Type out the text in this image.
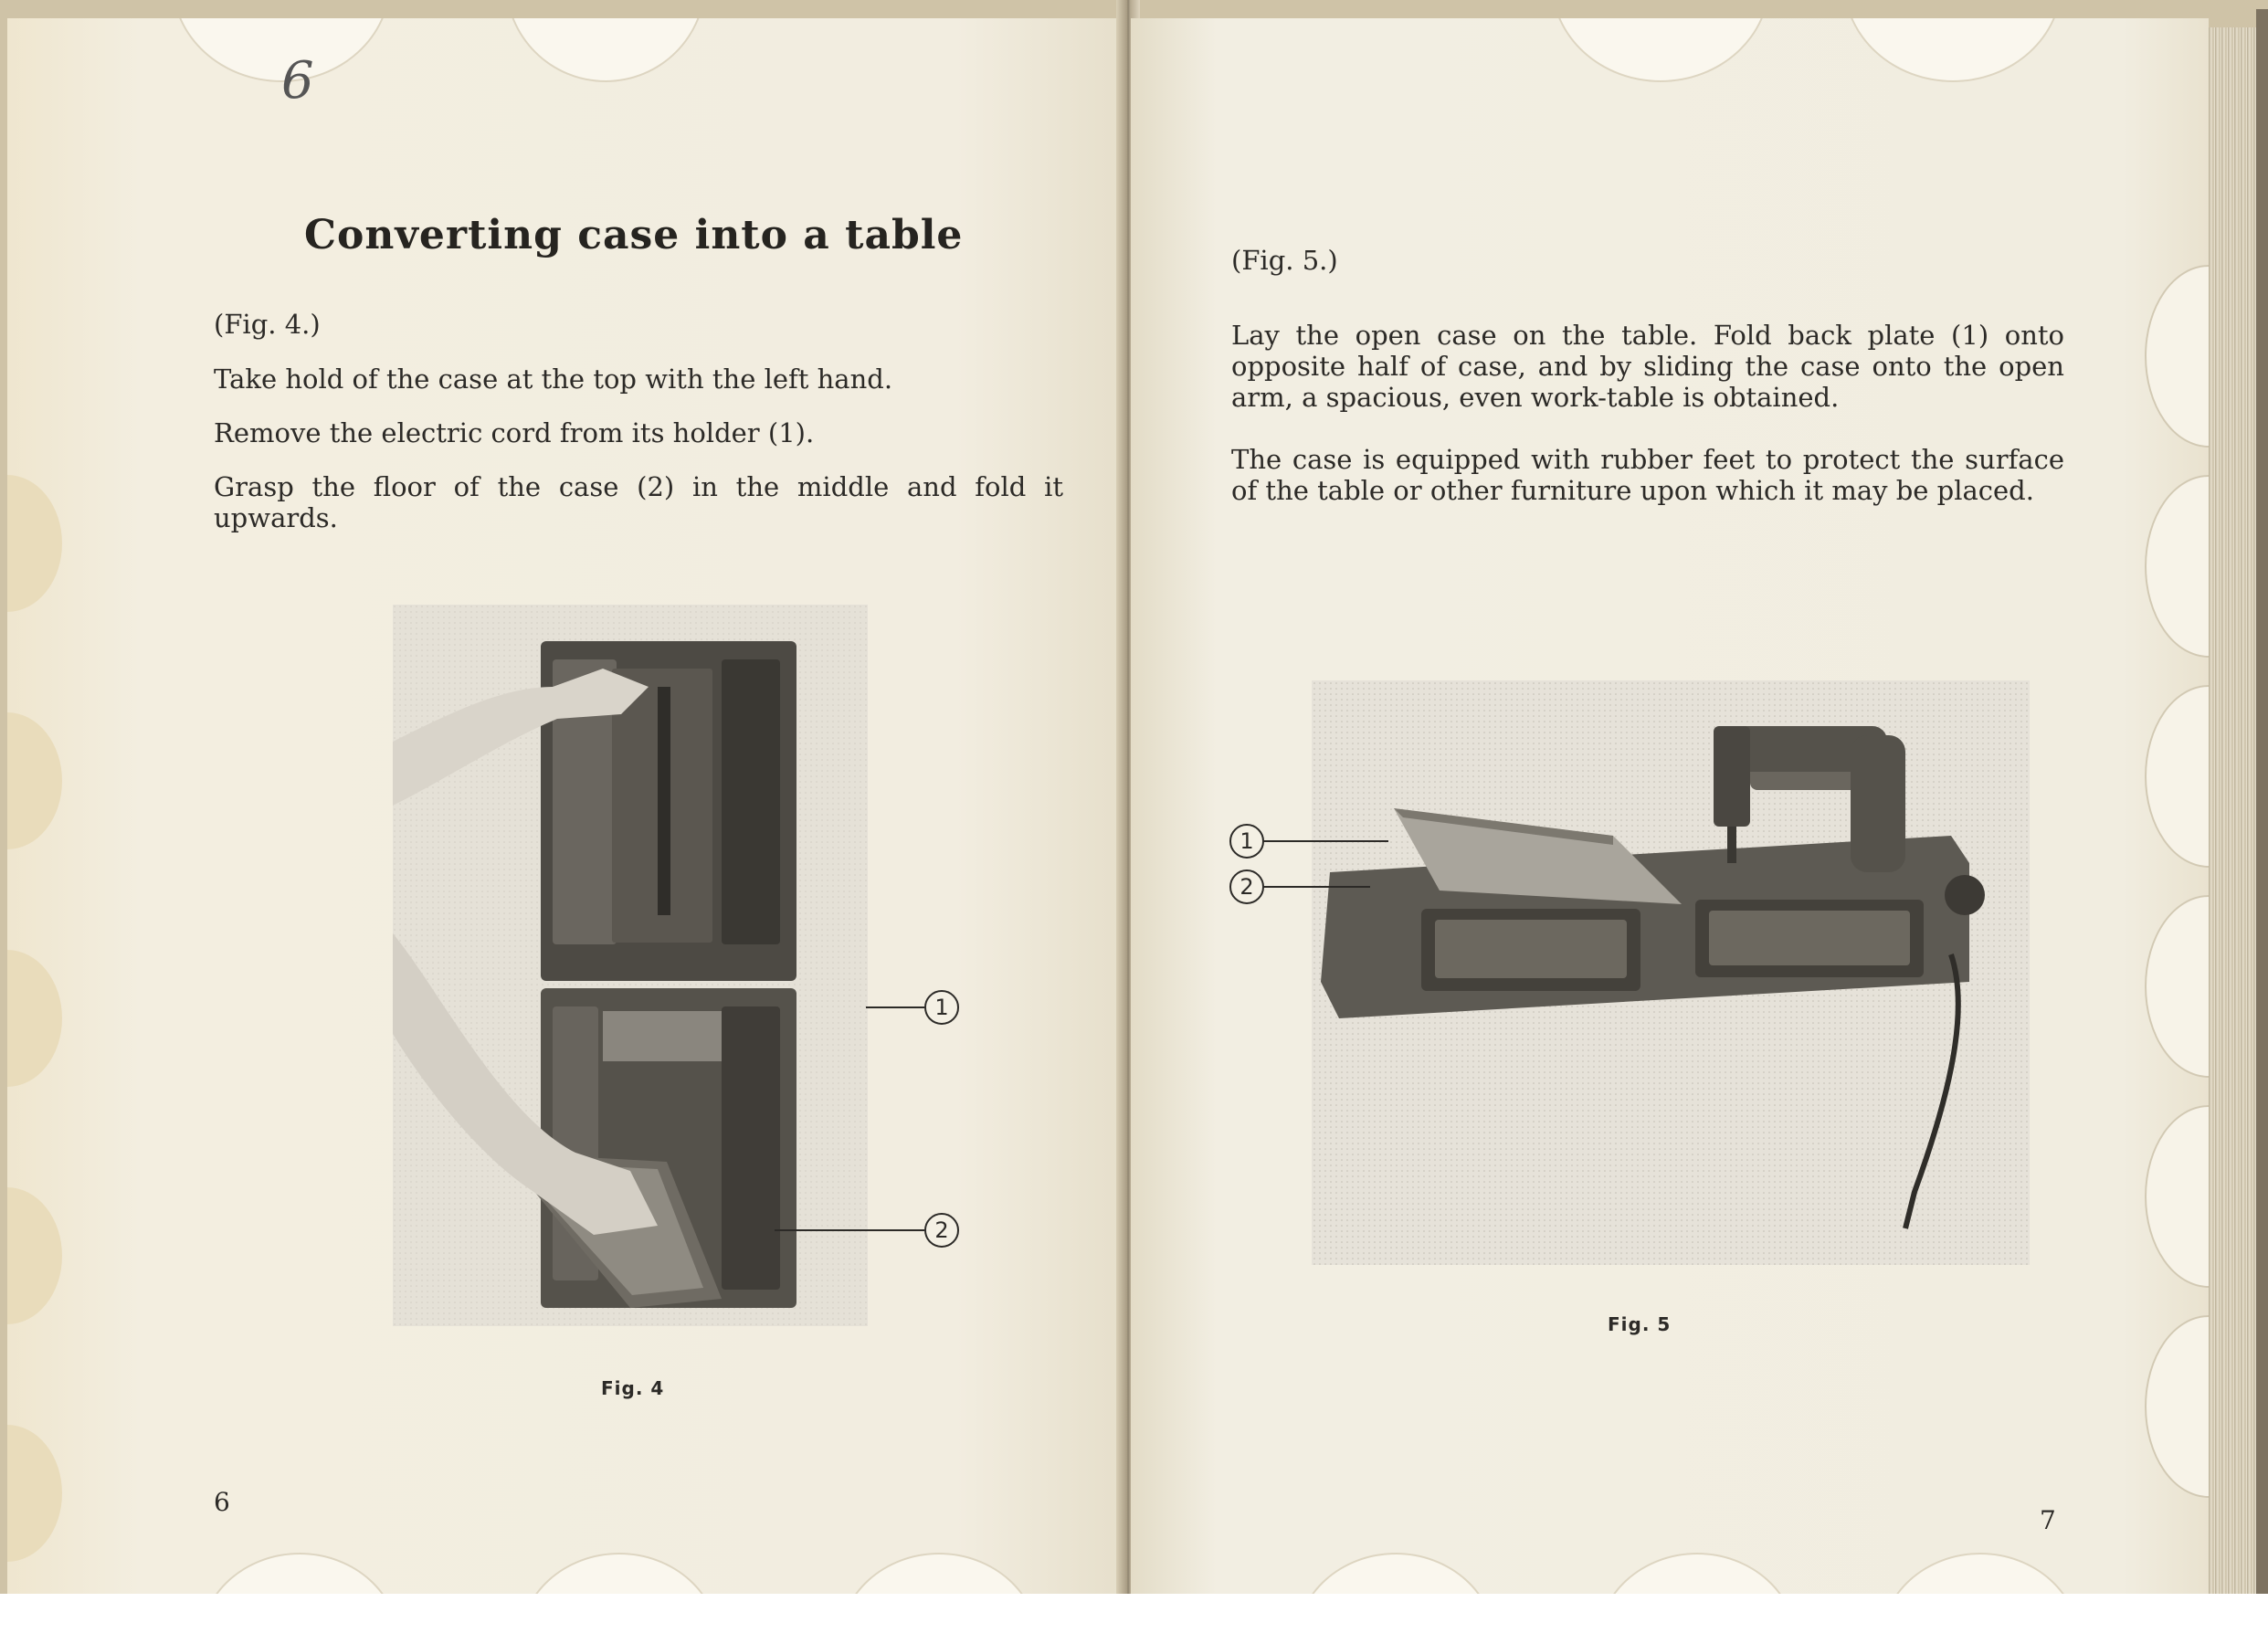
6
Converting case into a table
(Fig. 4.)
Take hold of the case at the top with the left hand.
Remove the electric cord from its holder (1).
Grasp the floor of the case (2) in the middle and fold it upwards.
1
2
Fig. 4
6
(Fig. 5.)
Lay the open case on the table. Fold back plate (1) onto opposite half of case, and by sliding the case onto the open arm, a spacious, even work-table is obtained.
The case is equipped with rubber feet to protect the surface of the table or other furniture upon which it may be placed.
1
2
Fig. 5
7
